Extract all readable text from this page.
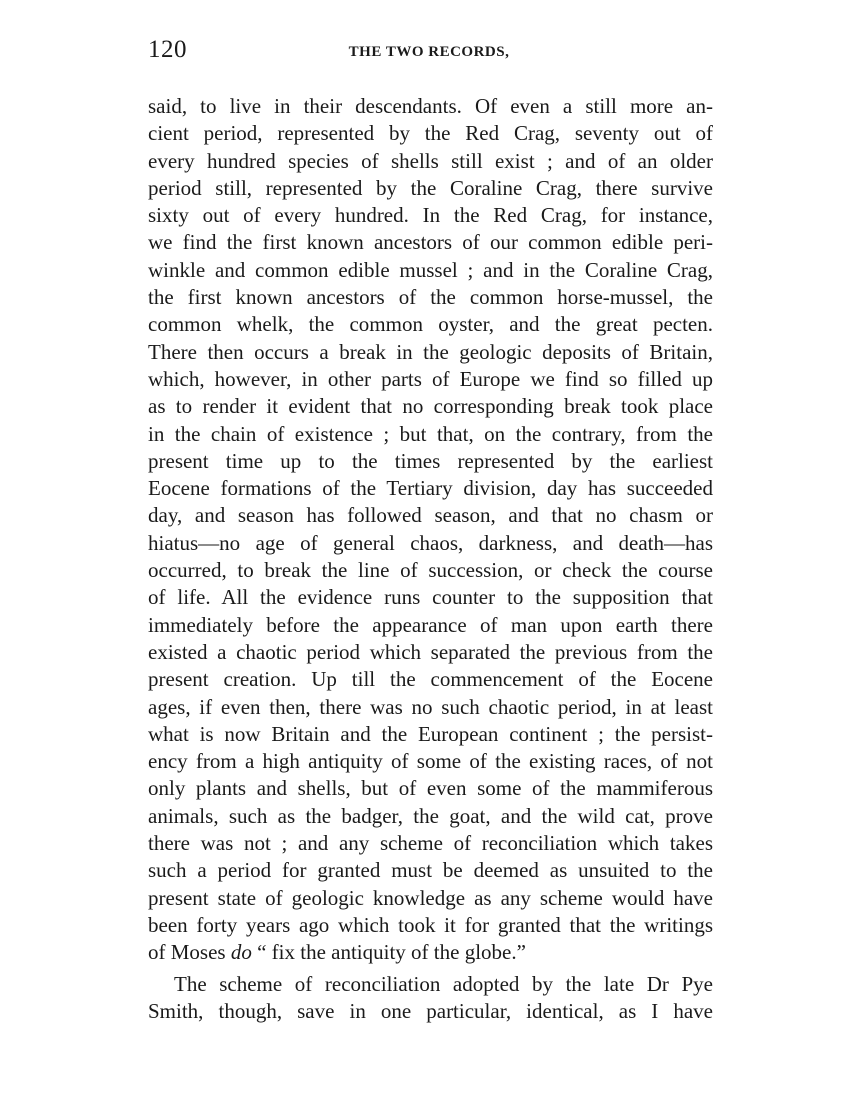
120	THE TWO RECORDS,
said, to live in their descendants. Of even a still more an-
cient period, represented by the Red Crag, seventy out of
every hundred species of shells still exist ; and of an older
period still, represented by the Coraline Crag, there survive
sixty out of every hundred. In the Red Crag, for instance,
we find the first known ancestors of our common edible peri-
winkle and common edible mussel ; and in the Coraline Crag,
the first known ancestors of the common horse-mussel, the
common whelk, the common oyster, and the great pecten.
There then occurs a break in the geologic deposits of Britain,
which, however, in other parts of Europe we find so filled up
as to render it evident that no corresponding break took place
in the chain of existence ; but that, on the contrary, from the
present time up to the times represented by the earliest
Eocene formations of the Tertiary division, day has succeeded
day, and season has followed season, and that no chasm or
hiatus—no age of general chaos, darkness, and death—has
occurred, to break the line of succession, or check the course
of life. All the evidence runs counter to the supposition that
immediately before the appearance of man upon earth there
existed a chaotic period which separated the previous from the
present creation. Up till the commencement of the Eocene
ages, if even then, there was no such chaotic period, in at least
what is now Britain and the European continent ; the persist-
ency from a high antiquity of some of the existing races, of not
only plants and shells, but of even some of the mammiferous
animals, such as the badger, the goat, and the wild cat, prove
there was not ; and any scheme of reconciliation which takes
such a period for granted must be deemed as unsuited to the
present state of geologic knowledge as any scheme would have
been forty years ago which took it for granted that the writings
of Moses do “ fix the antiquity of the globe.”
The scheme of reconciliation adopted by the late Dr Pye
Smith, though, save in one particular, identical, as I have
